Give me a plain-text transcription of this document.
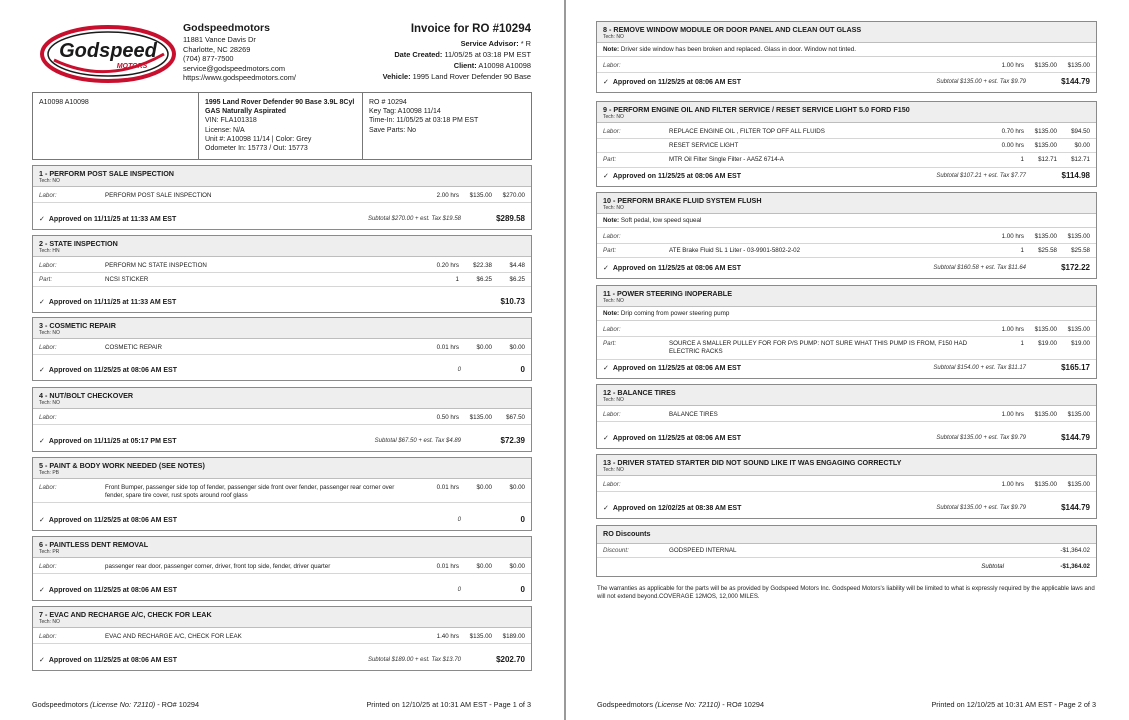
Godspeed
MOTORS
Godspeedmotors
11881 Vance Davis Dr
Charlotte, NC 28269
(704) 877-7500
service@godspeedmotors.com
https://www.godspeedmotors.com/
Invoice for RO #10294
Service Advisor: * R
Date Created: 11/05/25 at 03:18 PM EST
Client: A10098 A10098
Vehicle: 1995 Land Rover Defender 90 Base
A10098 A10098	1995 Land Rover Defender 90 Base 3.9L 8Cyl
GAS Naturally Aspirated
VIN: FLA101318
License: N/A
Unit #: A10098 11/14 | Color: Grey
Odometer In: 15773 / Out: 15773
RO # 10294
Key Tag: A10098 11/14
Time-In: 11/05/25 at 03:18 PM EST
Save Parts: No
1 - PERFORM POST SALE INSPECTION
Tech: NO
Labor:	PERFORM POST SALE INSPECTION	2.00 hrs	$135.00	$270.00
✓ Approved on 11/11/25 at 11:33 AM EST	Subtotal $270.00 + est. Tax $19.58	$289.58
2 - STATE INSPECTION
Tech: HN
Labor:	PERFORM NC STATE INSPECTION	0.20 hrs	$22.38	$4.48
Part:	NCSI STICKER	1	$6.25	$6.25
✓ Approved on 11/11/25 at 11:33 AM EST	$10.73
3 - COSMETIC REPAIR
Tech: NO
Labor:	COSMETIC REPAIR	0.01 hrs	$0.00	$0.00
✓ Approved on 11/25/25 at 08:06 AM EST	0	0
4 - NUT/BOLT CHECKOVER
Tech: NO
Labor:	0.50 hrs	$135.00	$67.50
✓ Approved on 11/11/25 at 05:17 PM EST	Subtotal $67.50 + est. Tax $4.89	$72.39
5 - PAINT & BODY WORK NEEDED (SEE NOTES)
Tech: PB
Labor:	Front Bumper, passenger side top of fender, passenger side front over fender, passenger rear corner over fender, spare tire cover, rust spots around roof glass
0.01 hrs	$0.00	$0.00
✓ Approved on 11/25/25 at 08:06 AM EST	0	0
6 - PAINTLESS DENT REMOVAL
Tech: PR
Labor:	passenger rear door, passenger corner, driver, front top side, fender, driver quarter	0.01 hrs	$0.00	$0.00
✓ Approved on 11/25/25 at 08:06 AM EST	0	0
7 - EVAC AND RECHARGE A/C, CHECK FOR LEAK
Tech: NO
Labor:	EVAC AND RECHARGE A/C, CHECK FOR LEAK	1.40 hrs	$135.00	$189.00
✓ Approved on 11/25/25 at 08:06 AM EST	Subtotal $189.00 + est. Tax $13.70	$202.70
Godspeedmotors (License No: 72110) - RO# 10294	Printed on 12/10/25 at 10:31 AM EST - Page 1 of 3
8 - REMOVE WINDOW MODULE OR DOOR PANEL AND CLEAN OUT GLASS
Tech: NO
Note: Driver side window has been broken and replaced. Glass in door. Window not tinted.
Labor:	1.00 hrs	$135.00	$135.00
✓ Approved on 11/25/25 at 08:06 AM EST	Subtotal $135.00 + est. Tax $9.79	$144.79
9 - PERFORM ENGINE OIL AND FILTER SERVICE / RESET SERVICE LIGHT 5.0 FORD F150
Tech: NO
Labor:	REPLACE ENGINE OIL , FILTER TOP OFF ALL FLUIDS	0.70 hrs	$135.00	$94.50
RESET SERVICE LIGHT	0.00 hrs	$135.00	$0.00
Part:	MTR Oil Filter Single Filter - AA5Z 6714-A	1	$12.71	$12.71
✓ Approved on 11/25/25 at 08:06 AM EST	Subtotal $107.21 + est. Tax $7.77	$114.98
10 - PERFORM BRAKE FLUID SYSTEM FLUSH
Tech: NO
Note: Soft pedal, low speed squeal
Labor:	1.00 hrs	$135.00	$135.00
Part:	ATE Brake Fluid SL 1 Liter - 03-9901-5802-2-02	1	$25.58	$25.58
✓ Approved on 11/25/25 at 08:06 AM EST	Subtotal $160.58 + est. Tax $11.64	$172.22
11 - POWER STEERING INOPERABLE
Tech: NO
Note: Drip coming from power steering pump
Labor:	1.00 hrs	$135.00	$135.00
Part:	SOURCE A SMALLER PULLEY FOR FOR P/S PUMP: NOT SURE WHAT THIS PUMP IS FROM, F150 HAD ELECTRIC RACKS
1	$19.00	$19.00
✓ Approved on 11/25/25 at 08:06 AM EST	Subtotal $154.00 + est. Tax $11.17	$165.17
12 - BALANCE TIRES
Tech: NO
Labor:	BALANCE TIRES	1.00 hrs	$135.00	$135.00
✓ Approved on 11/25/25 at 08:06 AM EST	Subtotal $135.00 + est. Tax $9.79	$144.79
13 - DRIVER STATED STARTER DID NOT SOUND LIKE IT WAS ENGAGING CORRECTLY
Tech: NO
Labor:	1.00 hrs	$135.00	$135.00
✓ Approved on 12/02/25 at 08:38 AM EST	Subtotal $135.00 + est. Tax $9.79	$144.79
RO Discounts
Discount:	GODSPEED INTERNAL	-$1,364.02
Subtotal	-$1,364.02
The warranties as applicable for the parts will be as provided by Godspeed Motors Inc. Godspeed Motors's liability will be limited to what is expressly required by the applicable laws and will not extend beyond.COVERAGE 12MOS, 12,000 MILES.
Godspeedmotors (License No: 72110) - RO# 10294	Printed on 12/10/25 at 10:31 AM EST - Page 2 of 3
